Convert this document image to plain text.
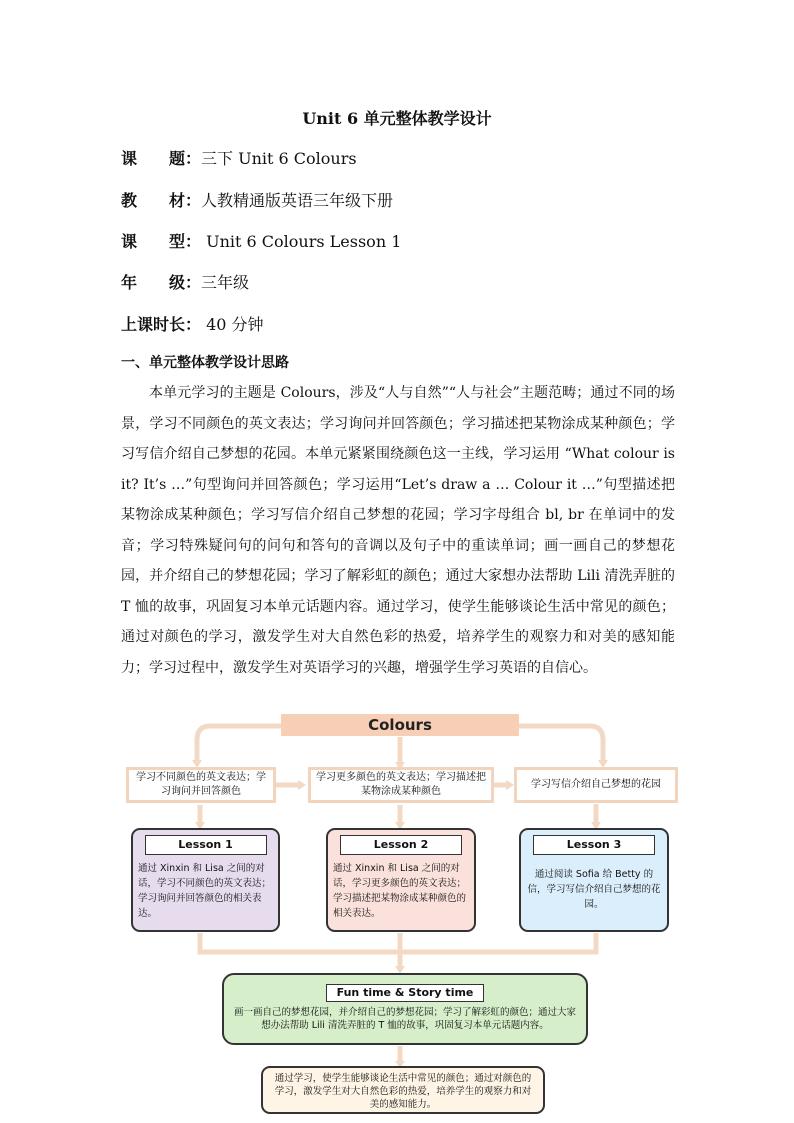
Unit 6 单元整体教学设计
课　　题：三下 Unit 6 Colours
教　　材：人教精通版英语三年级下册
课　　型： Unit 6 Colours Lesson 1
年　　级：三年级
上课时长： 40 分钟
一、单元整体教学设计思路

本单元学习的主题是 Colours，涉及“人与自然”“人与社会”主题范畴；通过不同的场景，学习不同颜色的英文表达；学习询问并回答颜色；学习描述把某物涂成某种颜色；学习写信介绍自己梦想的花园。本单元紧紧围绕颜色这一主线，学习运用 “What colour is it? It’s …”句型询问并回答颜色；学习运用“Let’s draw a … Colour it …”句型描述把某物涂成某种颜色；学习写信介绍自己梦想的花园；学习字母组合 bl, br 在单词中的发音；学习特殊疑问句的问句和答句的音调以及句子中的重读单词；画一画自己的梦想花园，并介绍自己的梦想花园；学习了解彩虹的颜色；通过大家想办法帮助 Lili 清洗弄脏的 T 恤的故事，巩固复习本单元话题内容。通过学习，使学生能够谈论生活中常见的颜色；通过对颜色的学习，激发学生对大自然色彩的热爱，培养学生的观察力和对美的感知能力；学习过程中，激发学生对英语学习的兴趣，增强学生学习英语的自信心。

Colours
学习不同颜色的英文表达；学习询问并回答颜色
学习更多颜色的英文表达；学习描述把某物涂成某种颜色
学习写信介绍自己梦想的花园
Lesson 1
通过 Xinxin 和 Lisa 之间的对话，学习不同颜色的英文表达；学习询问并回答颜色的相关表达。
Lesson 2
通过 Xinxin 和 Lisa 之间的对话，学习更多颜色的英文表达；学习描述把某物涂成某种颜色的相关表达。
Lesson 3
通过阅读 Sofia 给 Betty 的信，学习写信介绍自己梦想的花园。
Fun time & Story time
画一画自己的梦想花园，并介绍自己的梦想花园；学习了解彩虹的颜色；通过大家想办法帮助 Lili 清洗弄脏的 T 恤的故事，巩固复习本单元话题内容。
通过学习，使学生能够谈论生活中常见的颜色；通过对颜色的学习，激发学生对大自然色彩的热爱，培养学生的观察力和对美的感知能力。
